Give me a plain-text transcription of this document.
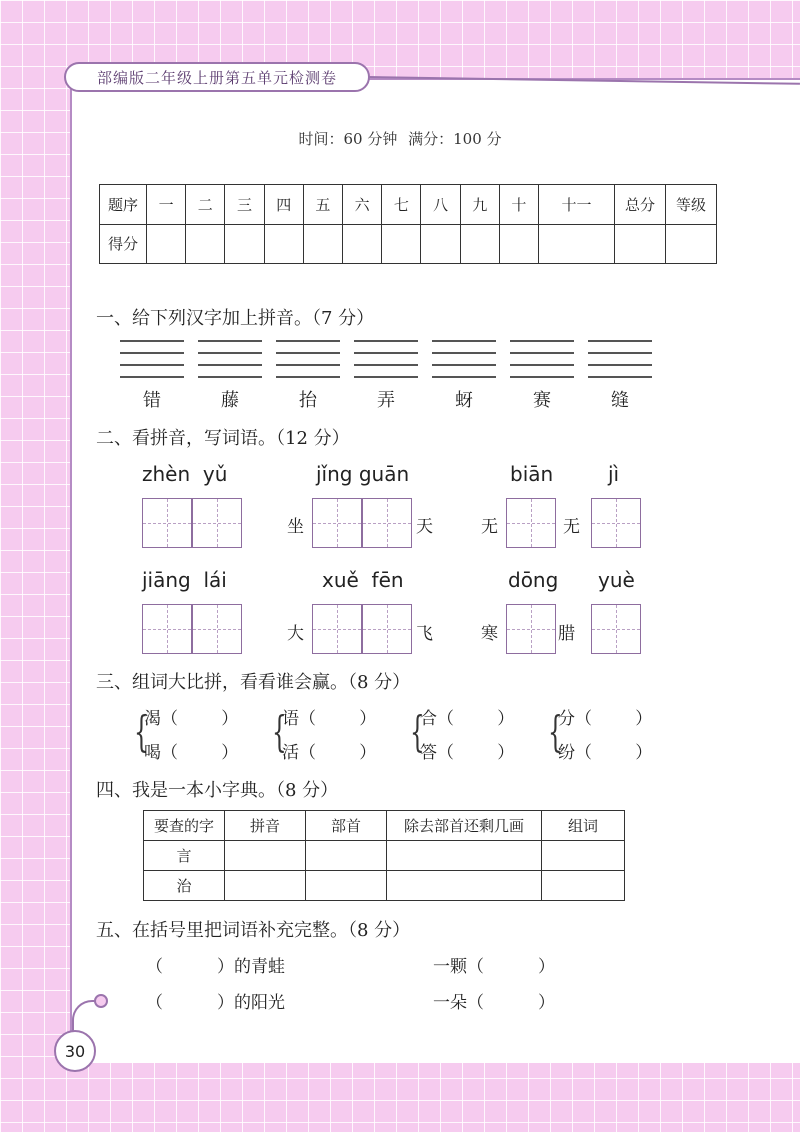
部编版二年级上册第五单元检测卷
时间：60 分钟 满分：100 分
题序	一	二	三	四	五	六	七	八	九	十	十一	总分	等级
得分													
一、给下列汉字加上拼音。（7 分）
错	藤	抬	弄	蚜	赛	缝
二、看拼音，写词语。（12 分）
zhèn  yǔ	jǐng guān	biān	jì
坐	天	无	无
jiāng  lái	xuě  fēn	dōng yuè
大	飞	寒	腊
三、组词大比拼，看看谁会赢。（8 分）
{
渴（        ）
喝（        ） {
语（        ）
活（        ） {
合（        ）
答（        ） {
分（        ）
纷（        ）
四、我是一本小字典。（8 分）
要查的字	拼音	部首	除去部首还剩几画	组词
言				
治				
五、在括号里把词语补充完整。（8 分）
（          ）的青蛙	一颗（          ）
（          ）的阳光	一朵（          ）
30
